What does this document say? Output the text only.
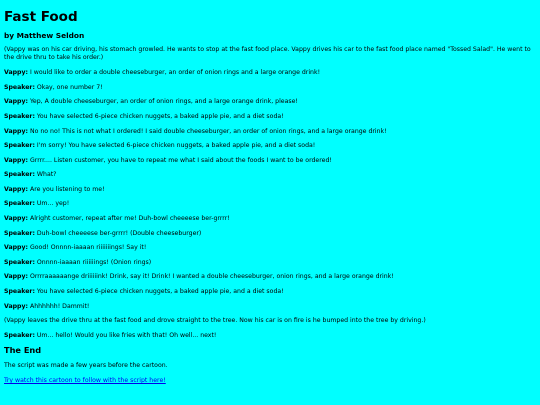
Fast Food
by Matthew Seldon
(Vappy was on his car driving, his stomach growled. He wants to stop at the fast food place. Vappy drives his car to the fast food place named "Tossed Salad". He went to the drive thru to take his order.)
Vappy: I would like to order a double cheeseburger, an order of onion rings and a large orange drink!
Speaker: Okay, one number 7!
Vappy: Yep, A double cheeseburger, an order of onion rings, and a large orange drink, please!
Speaker: You have selected 6-piece chicken nuggets, a baked apple pie, and a diet soda!
Vappy: No no no! This is not what I ordered! I said double cheeseburger, an order of onion rings, and a large orange drink!
Speaker: I'm sorry! You have selected 6-piece chicken nuggets, a baked apple pie, and a diet soda!
Vappy: Grrrr.... Listen customer, you have to repeat me what I said about the foods I want to be ordered!
Speaker: What?
Vappy: Are you listening to me!
Speaker: Um... yep!
Vappy: Alright customer, repeat after me! Duh-bowl cheeeese ber-grrrr!
Speaker: Duh-bowl cheeeese ber-grrrr! (Double cheeseburger)
Vappy: Good! Onnnn-iaaaan riiiiiiings! Say it!
Speaker: Onnnn-iaaaan riiiiiings! (Onion rings)
Vappy: Orrrraaaaaange driiiiiink! Drink, say it! Drink! I wanted a double cheeseburger, onion rings, and a large orange drink!
Speaker: You have selected 6-piece chicken nuggets, a baked apple pie, and a diet soda!
Vappy: Ahhhhhh! Dammit!
(Vappy leaves the drive thru at the fast food and drove straight to the tree. Now his car is on fire is he bumped into the tree by driving.)
Speaker: Um... hello! Would you like fries with that! Oh well... next!
The End
The script was made a few years before the cartoon.
Try watch this cartoon to follow with the script here!
